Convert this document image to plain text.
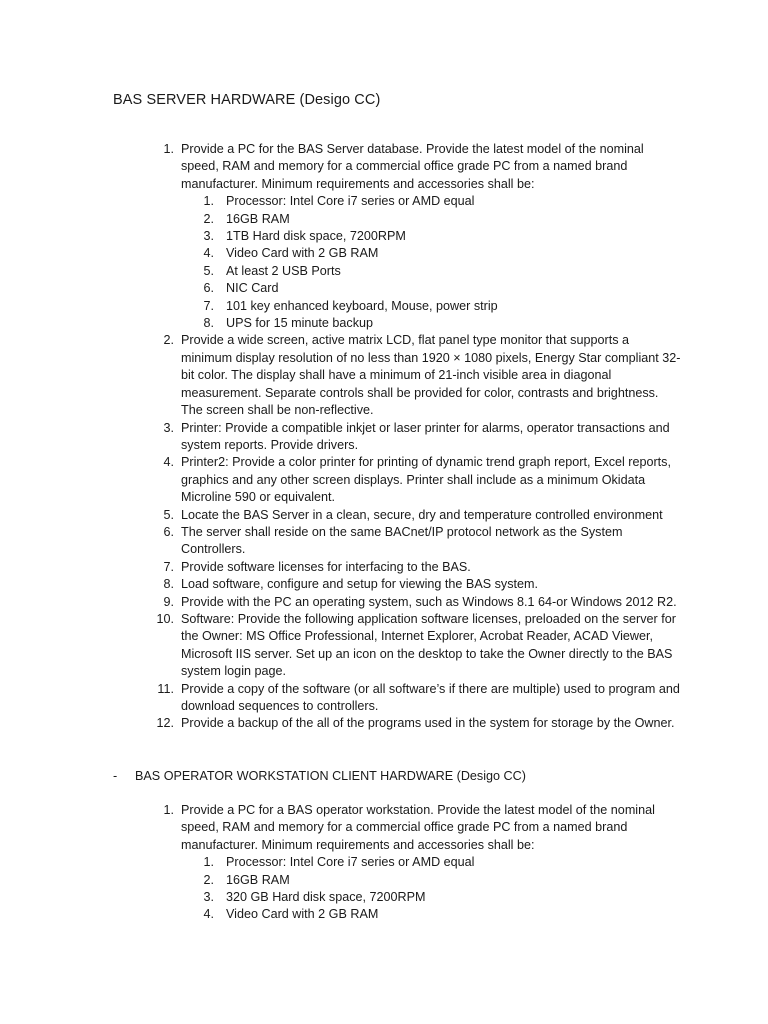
BAS SERVER HARDWARE (Desigo CC)
1. Provide a PC for the BAS Server database. Provide the latest model of the nominal speed, RAM and memory for a commercial office grade PC from a named brand manufacturer. Minimum requirements and accessories shall be:
1. Processor: Intel Core i7 series or AMD equal
2. 16GB RAM
3. 1TB Hard disk space, 7200RPM
4. Video Card with 2 GB RAM
5. At least 2 USB Ports
6. NIC Card
7. 101 key enhanced keyboard, Mouse, power strip
8. UPS for 15 minute backup
2. Provide a wide screen, active matrix LCD, flat panel type monitor that supports a minimum display resolution of no less than 1920 × 1080 pixels, Energy Star compliant 32-bit color. The display shall have a minimum of 21-inch visible area in diagonal measurement. Separate controls shall be provided for color, contrasts and brightness. The screen shall be non-reflective.
3. Printer: Provide a compatible inkjet or laser printer for alarms, operator transactions and system reports. Provide drivers.
4. Printer2: Provide a color printer for printing of dynamic trend graph report, Excel reports, graphics and any other screen displays. Printer shall include as a minimum Okidata Microline 590 or equivalent.
5. Locate the BAS Server in a clean, secure, dry and temperature controlled environment
6. The server shall reside on the same BACnet/IP protocol network as the System Controllers.
7. Provide software licenses for interfacing to the BAS.
8. Load software, configure and setup for viewing the BAS system.
9. Provide with the PC an operating system, such as Windows 8.1 64-or Windows 2012 R2.
10. Software: Provide the following application software licenses, preloaded on the server for the Owner: MS Office Professional, Internet Explorer, Acrobat Reader, ACAD Viewer, Microsoft IIS server. Set up an icon on the desktop to take the Owner directly to the BAS system login page.
11. Provide a copy of the software (or all software’s if there are multiple) used to program and download sequences to controllers.
12. Provide a backup of the all of the programs used in the system for storage by the Owner.
- BAS OPERATOR WORKSTATION CLIENT HARDWARE (Desigo CC)
1. Provide a PC for a BAS operator workstation. Provide the latest model of the nominal speed, RAM and memory for a commercial office grade PC from a named brand manufacturer. Minimum requirements and accessories shall be:
1. Processor: Intel Core i7 series or AMD equal
2. 16GB RAM
3. 320 GB Hard disk space, 7200RPM
4. Video Card with 2 GB RAM
